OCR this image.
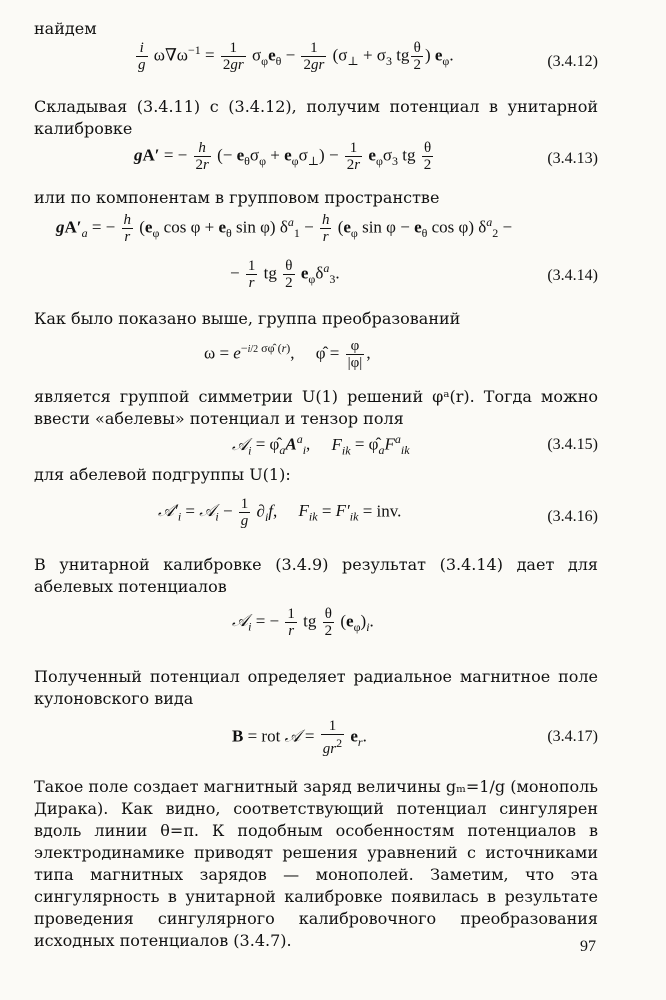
найдем
$\frac{i}{g} \omega\nabla\omega^{-1} = \frac{1}{2gr} \sigma_\varphi e_\theta - \frac{1}{2gr} (\sigma_\perp + \sigma_3$ tg $\frac{\theta}{2}$ ) $e_\varphi$.	(3.4.12)
Складывая (3.4.11) с (3.4.12), получим потенциал в унитарной калибровке
gA′ = − $\frac{h}{2r}$ (− $e_\theta\sigma_\varphi + e_\varphi\sigma_\perp) - \frac{1}{2r} e_\varphi\sigma_3$ tg $\frac{\theta}{2}$	(3.4.13)
или по компонентам в групповом пространстве
$gA'_a$ = − $\frac{h}{r} (e_\varphi$ $\cos \varphi + e_\theta$ sin φ) $\delta^a_1 - \frac{h}{r} (e_\varphi$ $\sin \varphi - e_\theta$ cos φ) $\delta^a_2$ −
− $\frac{1}{r}$ tg $\frac{\theta}{2} e_\varphi\delta^a_3$.	(3.4.14)
Как было показано выше, группа преобразований
$\omega = e^{-i/2 \sigma\varphî (r)}$,     φ̂ = $\frac{\varphi}{|\varphi|}$ ,
является группой симметрии U(1) решений φᵃ(r). Тогда можно ввести «абелевы» потенциал и тензор поля
𝒜$_i$ = $\varphî_aA^a_i$,     $F_{ik}$ = $\varphî_aF^a_{ik}$	(3.4.15)
для абелевой подгруппы U(1):
$𝒜'_i$ = 𝒜$_i$ − $\frac{1}{g} \partial_if$,     $F_{ik} = F'_{ik}$ = inv.	(3.4.16)
В унитарной калибровке (3.4.9) результат (3.4.14) дает для абелевых потенциалов
𝒜$_i$ = − $\frac{1}{r}$ tg $\frac{\theta}{2} (e_\varphi)_i$.
Полученный потенциал определяет радиальное магнитное поле кулоновского вида
B = rot 𝒜 = $\frac{1}{gr^2} e_r$.	(3.4.17)
Такое поле создает магнитный заряд величины gₘ=1/g (монополь Дирака). Как видно, соответствующий потенциал сингулярен вдоль линии θ=π. К подобным особенностям потенциалов в электродинамике приводят решения уравнений с источниками типа магнитных зарядов — монополей. Заметим, что эта сингулярность в унитарной калибровке появилась в результате проведения сингулярного калибровочного преобразования исходных потенциалов (3.4.7).	97
